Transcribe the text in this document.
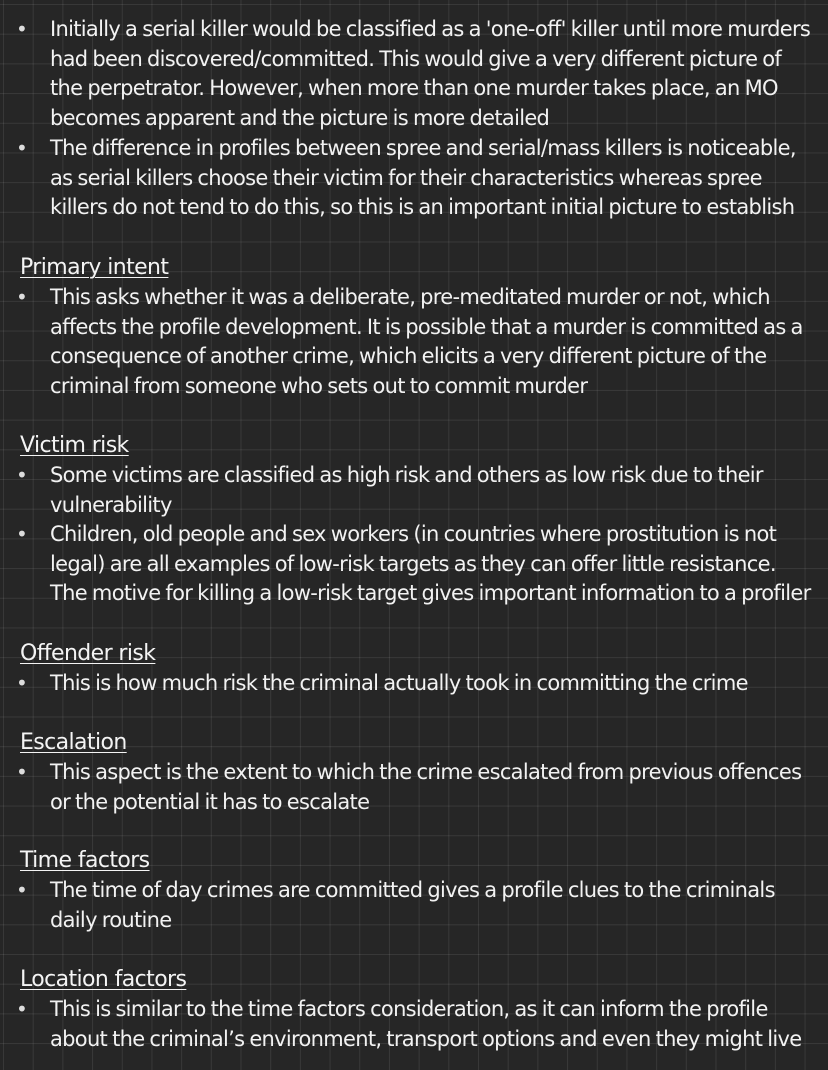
• Initially a serial killer would be classified as a 'one-off' killer until more murders had been discovered/committed. This would give a very different picture of the perpetrator. However, when more than one murder takes place, an MO becomes apparent and the picture is more detailed
• The difference in profiles between spree and serial/mass killers is noticeable, as serial killers choose their victim for their characteristics whereas spree killers do not tend to do this, so this is an important initial picture to establish
Primary intent
• This asks whether it was a deliberate, pre-meditated murder or not, which affects the profile development. It is possible that a murder is committed as a consequence of another crime, which elicits a very different picture of the criminal from someone who sets out to commit murder
Victim risk
• Some victims are classified as high risk and others as low risk due to their vulnerability
• Children, old people and sex workers (in countries where prostitution is not legal) are all examples of low-risk targets as they can offer little resistance. The motive for killing a low-risk target gives important information to a profiler
Offender risk
• This is how much risk the criminal actually took in committing the crime
Escalation
• This aspect is the extent to which the crime escalated from previous offences or the potential it has to escalate
Time factors
• The time of day crimes are committed gives a profile clues to the criminals daily routine
Location factors
• This is similar to the time factors consideration, as it can inform the profile about the criminal’s environment, transport options and even they might live
